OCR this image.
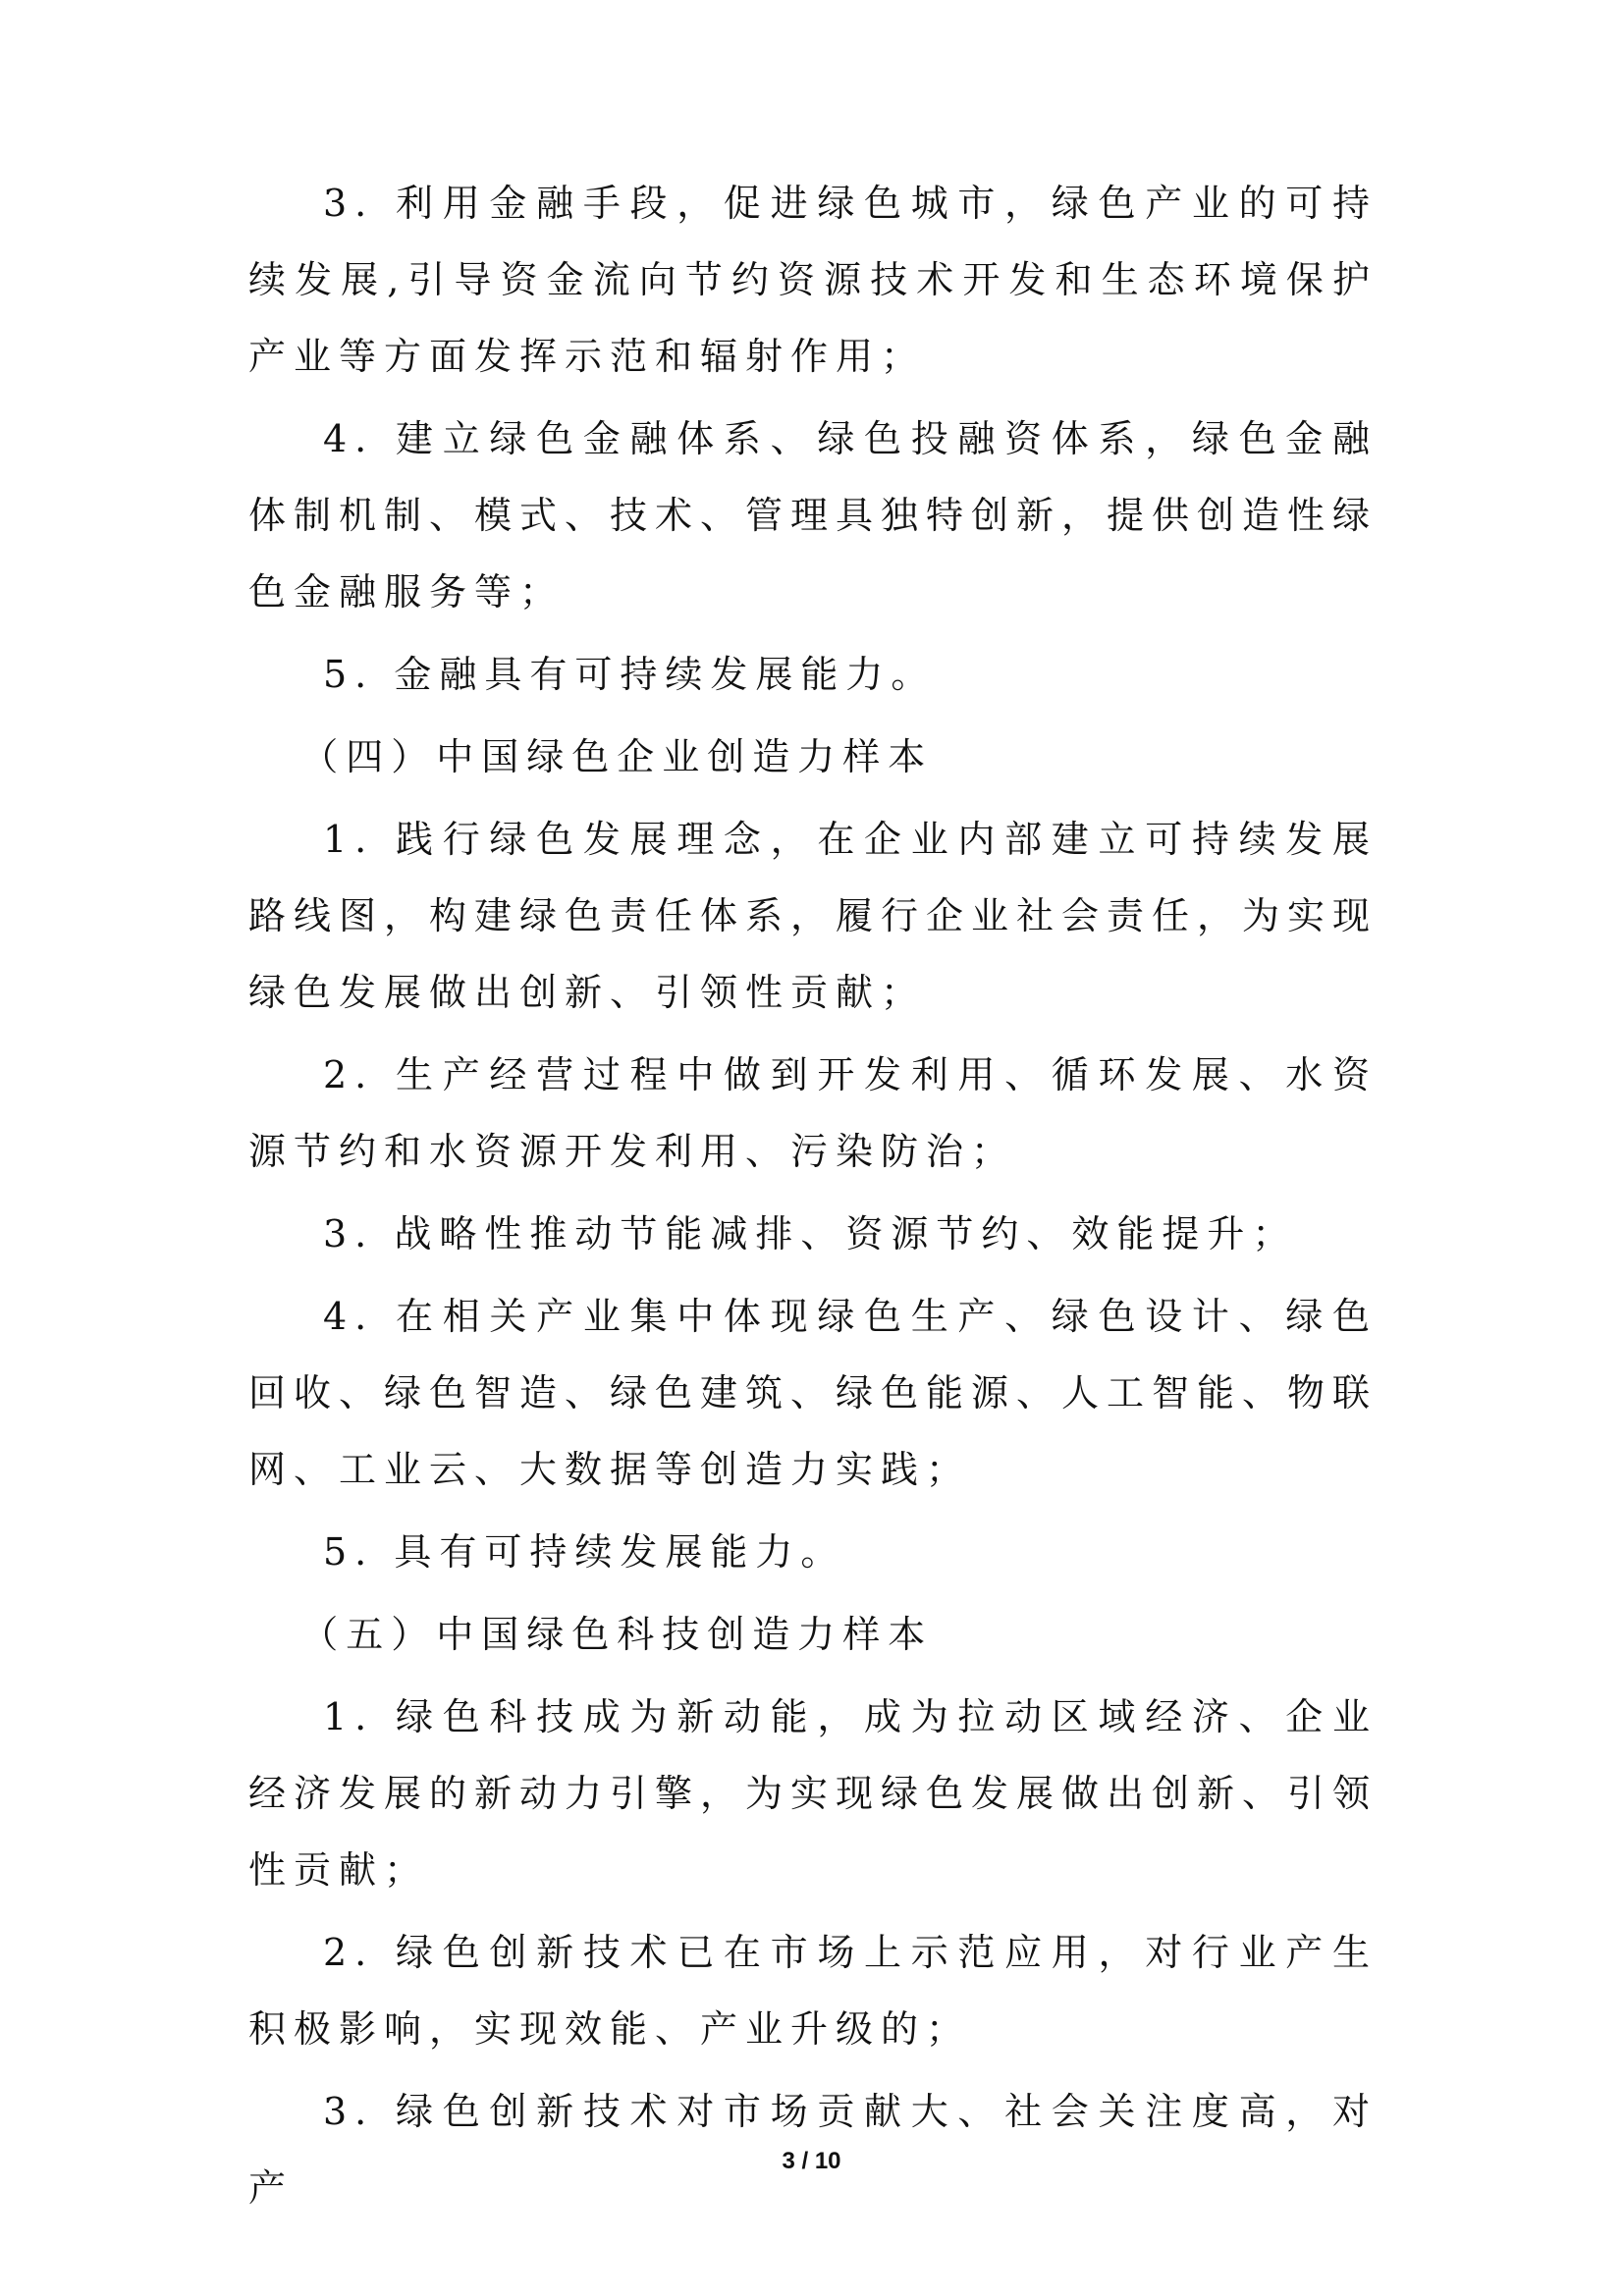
3. 利用金融手段，促进绿色城市，绿色产业的可持续发展,引导资金流向节约资源技术开发和生态环境保护产业等方面发挥示范和辐射作用；

4. 建立绿色金融体系、绿色投融资体系，绿色金融体制机制、模式、技术、管理具独特创新，提供创造性绿色金融服务等；

5. 金融具有可持续发展能力。

（四）中国绿色企业创造力样本

1. 践行绿色发展理念，在企业内部建立可持续发展路线图，构建绿色责任体系，履行企业社会责任，为实现绿色发展做出创新、引领性贡献；

2. 生产经营过程中做到开发利用、循环发展、水资源节约和水资源开发利用、污染防治；

3. 战略性推动节能减排、资源节约、效能提升；

4. 在相关产业集中体现绿色生产、绿色设计、绿色回收、绿色智造、绿色建筑、绿色能源、人工智能、物联网、工业云、大数据等创造力实践；

5. 具有可持续发展能力。

（五）中国绿色科技创造力样本

1. 绿色科技成为新动能，成为拉动区域经济、企业经济发展的新动力引擎，为实现绿色发展做出创新、引领性贡献；

2. 绿色创新技术已在市场上示范应用，对行业产生积极影响，实现效能、产业升级的；

3. 绿色创新技术对市场贡献大、社会关注度高，对产

3 / 10
